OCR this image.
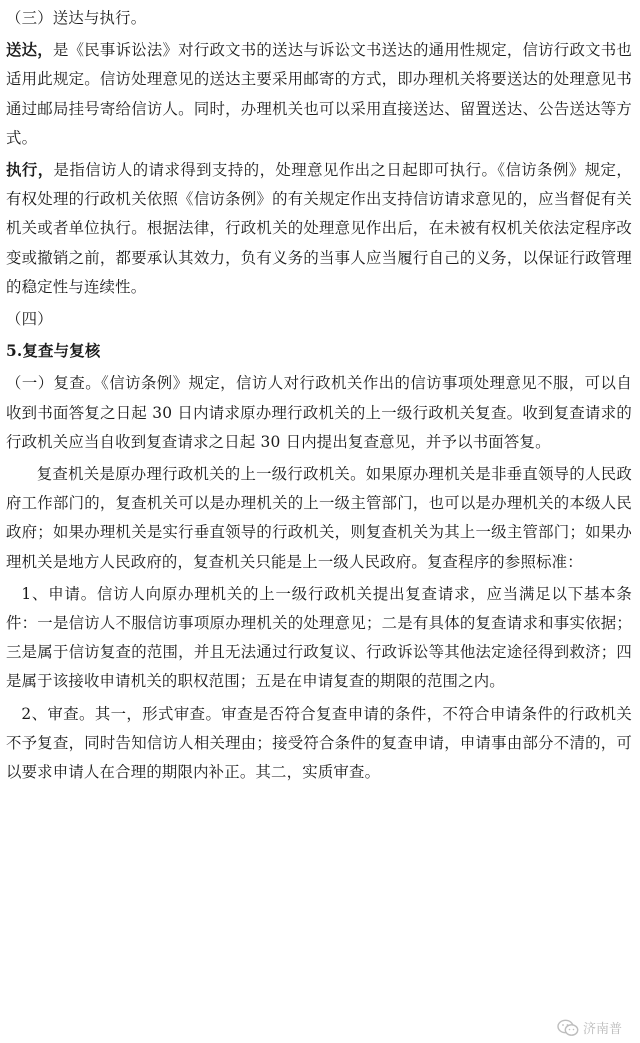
（三）送达与执行。

送达，是《民事诉讼法》对行政文书的送达与诉讼文书送达的通用性规定，信访行政文书也适用此规定。信访处理意见的送达主要采用邮寄的方式，即办理机关将要送达的处理意见书通过邮局挂号寄给信访人。同时，办理机关也可以采用直接送达、留置送达、公告送达等方式。

执行，是指信访人的请求得到支持的，处理意见作出之日起即可执行。《信访条例》规定，有权处理的行政机关依照《信访条例》的有关规定作出支持信访请求意见的，应当督促有关机关或者单位执行。根据法律，行政机关的处理意见作出后，在未被有权机关依法定程序改变或撤销之前，都要承认其效力，负有义务的当事人应当履行自己的义务，以保证行政管理的稳定性与连续性。

（四）

5.复查与复核

（一）复查。《信访条例》规定，信访人对行政机关作出的信访事项处理意见不服，可以自收到书面答复之日起 30 日内请求原办理行政机关的上一级行政机关复查。收到复查请求的行政机关应当自收到复查请求之日起 30 日内提出复查意见，并予以书面答复。

复查机关是原办理行政机关的上一级行政机关。如果原办理机关是非垂直领导的人民政府工作部门的，复查机关可以是办理机关的上一级主管部门，也可以是办理机关的本级人民政府；如果办理机关是实行垂直领导的行政机关，则复查机关为其上一级主管部门；如果办理机关是地方人民政府的，复查机关只能是上一级人民政府。复查程序的参照标准：

1、申请。信访人向原办理机关的上一级行政机关提出复查请求，应当满足以下基本条件：一是信访人不服信访事项原办理机关的处理意见；二是有具体的复查请求和事实依据；三是属于信访复查的范围，并且无法通过行政复议、行政诉讼等其他法定途径得到救济；四是属于该接收申请机关的职权范围；五是在申请复查的期限的范围之内。

2、审查。其一，形式审查。审查是否符合复查申请的条件，不符合申请条件的行政机关不予复查，同时告知信访人相关理由；接受符合条件的复查申请，申请事由部分不清的，可以要求申请人在合理的期限内补正。其二，实质审查。

济南普
